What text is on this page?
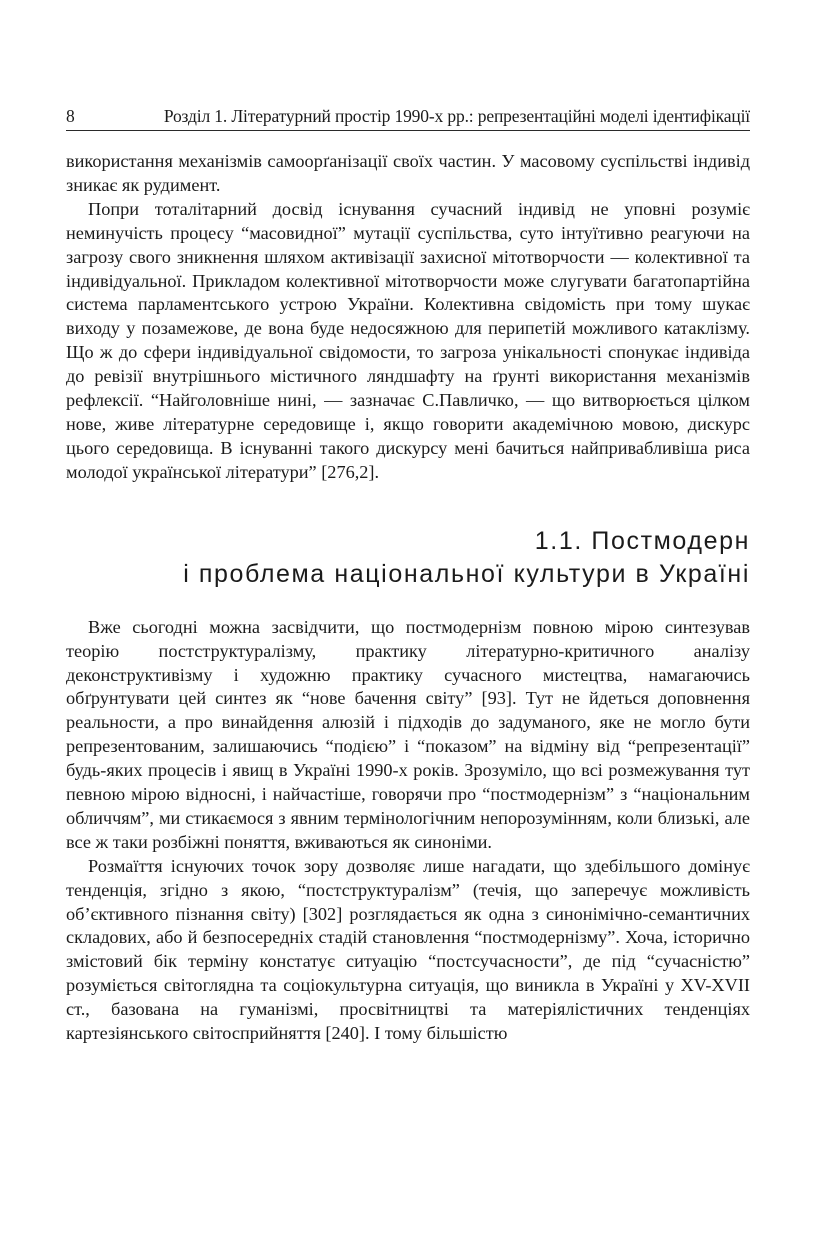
8	Розділ 1. Літературний простір 1990-х рр.: репрезентаційні моделі ідентифікації

використання механізмів самоорґанізації своїх частин. У масовому суспільстві індивід зникає як рудимент.

Попри тоталітарний досвід існування сучасний індивід не уповні розуміє неминучість процесу “масовидної” мутації суспільства, суто інтуїтивно реагуючи на загрозу свого зникнення шляхом активізації захисної мітотворчости — колективної та індивідуальної. Прикладом колективної мітотворчости може слугувати багатопартійна система парламентського устрою України. Колективна свідомість при тому шукає виходу у позамежове, де вона буде недосяжною для перипетій можливого катаклізму. Що ж до сфери індивідуальної свідомости, то загроза унікальності спонукає індивіда до ревізії внутрішнього містичного ляндшафту на ґрунті використання механізмів рефлексії. “Найголовніше нині, — зазначає С.Павличко, — що витворюється цілком нове, живе літературне середовище і, якщо говорити академічною мовою, дискурс цього середовища. В існуванні такого дискурсу мені бачиться найпривабливіша риса молодої української літератури” [276,2].

1.1. Постмодерн
і проблема національної культури в Україні

Вже сьогодні можна засвідчити, що постмодернізм повною мірою синтезував теорію постструктуралізму, практику літературно-критичного аналізу деконструктивізму і художню практику сучасного мистецтва, намагаючись обґрунтувати цей синтез як “нове бачення світу” [93]. Тут не йдеться доповнення реальности, а про винайдення алюзій і підходів до задуманого, яке не могло бути репрезентованим, залишаючись “подією” і “показом” на відміну від “репрезентації” будь-яких процесів і явищ в Україні 1990-х років. Зрозуміло, що всі розмежування тут певною мірою відносні, і найчастіше, говорячи про “постмодернізм” з “національним обличчям”, ми стикаємося з явним термінологічним непорозумінням, коли близькі, але все ж таки розбіжні поняття, вживаються як синоніми.

Розмаїття існуючих точок зору дозволяє лише нагадати, що здебільшого домінує тенденція, згідно з якою, “постструктуралізм” (течія, що заперечує можливість об’єктивного пізнання світу) [302] розглядається як одна з синонімічно-семантичних складових, або й безпосередніх стадій становлення “постмодернізму”. Хоча, історично змістовий бік терміну констатує ситуацію “постсучасности”, де під “сучасністю” розуміється світоглядна та соціокультурна ситуація, що виникла в Україні у XV-XVII ст., базована на гуманізмі, просвітництві та матеріялістичних тенденціях картезіянського світосприйняття [240]. І тому більшістю
